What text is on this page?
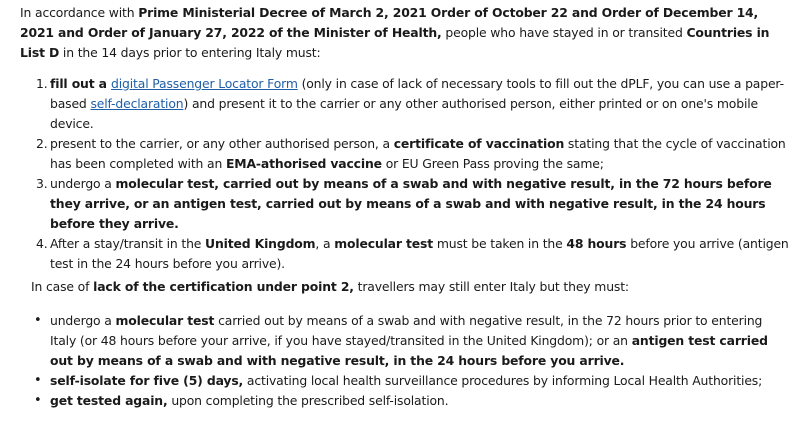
In accordance with Prime Ministerial Decree of March 2, 2021 Order of October 22 and Order of December 14, 2021 and Order of January 27, 2022 of the Minister of Health, people who have stayed in or transited Countries in List D in the 14 days prior to entering Italy must:

1. fill out a digital Passenger Locator Form (only in case of lack of necessary tools to fill out the dPLF, you can use a paper-based self-declaration) and present it to the carrier or any other authorised person, either printed or on one's mobile device.
2. present to the carrier, or any other authorised person, a certificate of vaccination stating that the cycle of vaccination has been completed with an EMA-athorised vaccine or EU Green Pass proving the same;
3. undergo a molecular test, carried out by means of a swab and with negative result, in the 72 hours before they arrive, or an antigen test, carried out by means of a swab and with negative result, in the 24 hours before they arrive.
4. After a stay/transit in the United Kingdom, a molecular test must be taken in the 48 hours before you arrive (antigen test in the 24 hours before you arrive).

In case of lack of the certification under point 2, travellers may still enter Italy but they must:

• undergo a molecular test carried out by means of a swab and with negative result, in the 72 hours prior to entering Italy (or 48 hours before your arrive, if you have stayed/transited in the United Kingdom); or an antigen test carried out by means of a swab and with negative result, in the 24 hours before you arrive.
• self-isolate for five (5) days, activating local health surveillance procedures by informing Local Health Authorities;
• get tested again, upon completing the prescribed self-isolation.
